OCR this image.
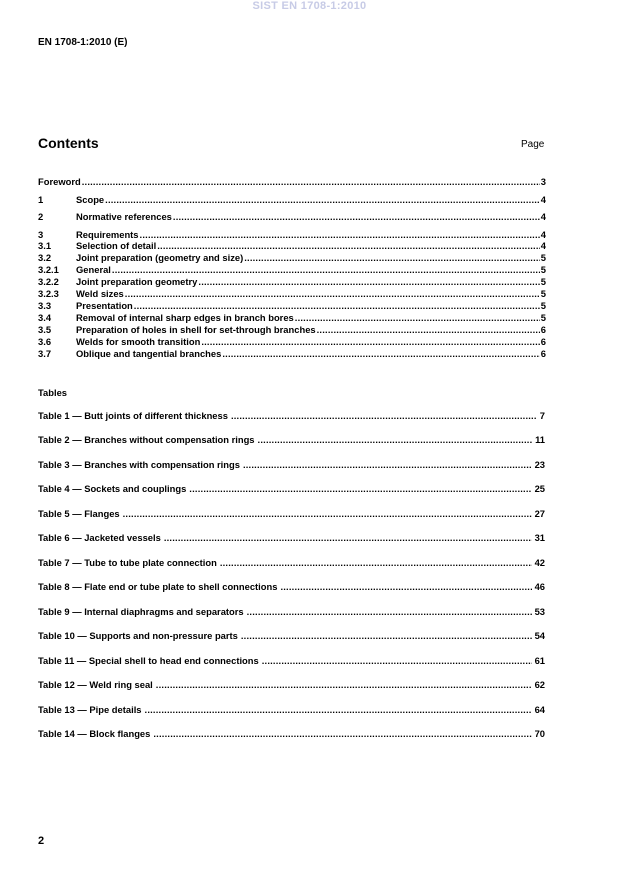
SIST EN 1708-1:2010
EN 1708-1:2010 (E)
Contents	Page
Foreword .....	3
1	Scope .....	4
2	Normative references .....	4
3	Requirements .....	4
3.1	Selection of detail .....	4
3.2	Joint preparation (geometry and size) .....	5
3.2.1	General .....	5
3.2.2	Joint preparation geometry .....	5
3.2.3	Weld sizes .....	5
3.3	Presentation .....	5
3.4	Removal of internal sharp edges in branch bores .....	5
3.5	Preparation of holes in shell for set-through branches .....	6
3.6	Welds for smooth transition .....	6
3.7	Oblique and tangential branches .....	6
Tables
Table 1 — Butt joints of different thickness .....	7
Table 2 — Branches without compensation rings .....	11
Table 3 — Branches with compensation rings .....	23
Table 4 — Sockets and couplings .....	25
Table 5 — Flanges .....	27
Table 6 — Jacketed vessels .....	31
Table 7 — Tube to tube plate connection .....	42
Table 8 — Flate end or tube plate to shell connections .....	46
Table 9 — Internal diaphragms and separators .....	53
Table 10 — Supports and non-pressure parts .....	54
Table 11 — Special shell to head end connections .....	61
Table 12 — Weld ring seal .....	62
Table 13 — Pipe details .....	64
Table 14 — Block flanges .....	70
2
